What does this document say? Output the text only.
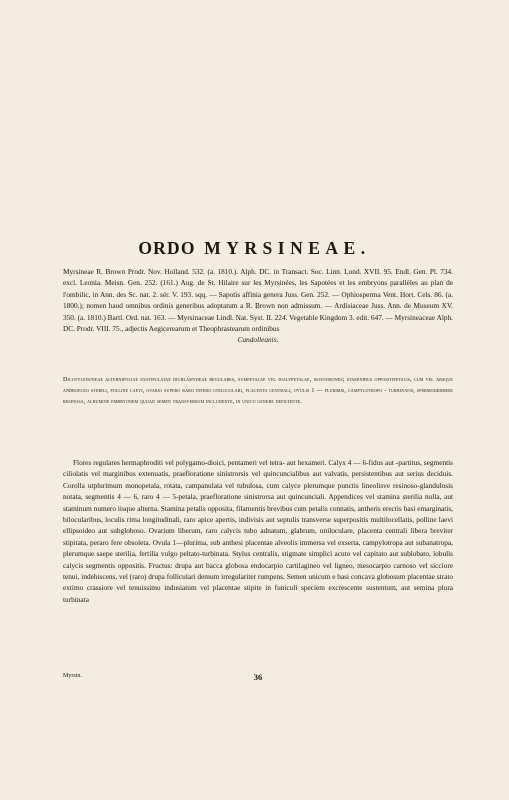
ORDO MYRSINEAE.
Myrsineae R. Brown Prodr. Nov. Holland. 532. (a. 1810.). Alph. DC. in Transact. Soc. Linn. Lond. XVII. 95. Endl. Gen. Pl. 734. excl. Leonia. Meisn. Gen. 252. (161.) Aug. de St. Hilaire sur les Myrsinées, les Sapotées et les embryons parallèles au plan de l'ombilic, in Ann. des Sc. nat. 2. sér. V. 193. sqq. — Sapotis affinia genera Juss. Gen. 252. — Ophiosperma Vent. Hort. Cels. 86. (a. 1800.); nomen haud omnibus ordinis generibus adoptatum a R. Brown non admissum. — Ardisiaceae Juss. Ann. de Museum XV. 350. (a. 1810.) Bartl. Ord. nat. 163. — Myrsinaceae Lindl. Nat. Syst. II. 224. Vegetable Kingdom 3. edit. 647. — Myrsineaceae Alph. DC. Prodr. VIII. 75., adjectis Aegicerearum et Theophrastearum ordinibus
Candolleanis.
Dicotyledoneae alternifoliae exstipulatae dichlamydeae regulares, sympetalae vel dialypetalae, isostemones; staminibus oppositipetalis, cum vel absque androeceo sterili, polline laevi, ovario supero raro infero uniloculari, placenta centrali, ovulis 1 — plurimis, campylotropo - turbinatis, spermodermide resinosa, albumine embryonem quoad semen transversum includente, in unico genere deficiente.
Flores regulares hermaphroditi vel polygamo-dioici, pentameri vel tetra- aut hexameri. Calyx 4 — 6-fidus aut -partitus, segmentis ciliolatis vel marginibus extenuatis, praefloratione sinistrorsis vel quincuncialibus aut valvatis, persistentibus aut serius deciduis. Corolla utplurimum monopetala, rotata, campanulata vel tubulosa, cum calyce plerumque punctis lineolisve resinoso-glandulosis notata, segmentis 4 — 6, raro 4 — 5-petala, praefloratione sinistrorsa aut quincunciali. Appendices vel stamina sterilia nulla, aut staminum numero iisque alterna. Stamina petalis opposita, filamentis brevibus cum petalis connatis, antheris erectis basi emarginatis, bilocularibus, loculis rima longitudinali, raro apice apertis, indivisis aut septulis transverse superpositis multilocellatis, polline laevi ellipsoideo aut subgloboso. Ovarium liberum, raro calycis tubo adnatum, glabrum, uniloculare, placenta centrali libera breviter stipitata, peraro fere obsoleta. Ovula 1—plurima, sub anthesi placentae alveolis immersa vel exserta, campylotropa aut subanatropa, plerumque saepe sterilia, fertilia vulgo peltato-turbinata. Stylus centralis, stigmate simplici acuto vel capitato aut sublobato, lobulis calycis segmentis oppositis. Fructus: drupa aut bacca globosa endocarpio cartilagineo vel ligneo, mesocarpio carnoso vel sicciore tenui, indehiscens, vel (raro) drupa folliculari demum irregulariter rumpens. Semen unicum e basi concava globosum placentae strato extimo crassiore vel tenuissimo indusiatum vel placentae stipite in funiculi speciem excrescente sustentum, aut semina plura turbinata
Myrsin.	36
